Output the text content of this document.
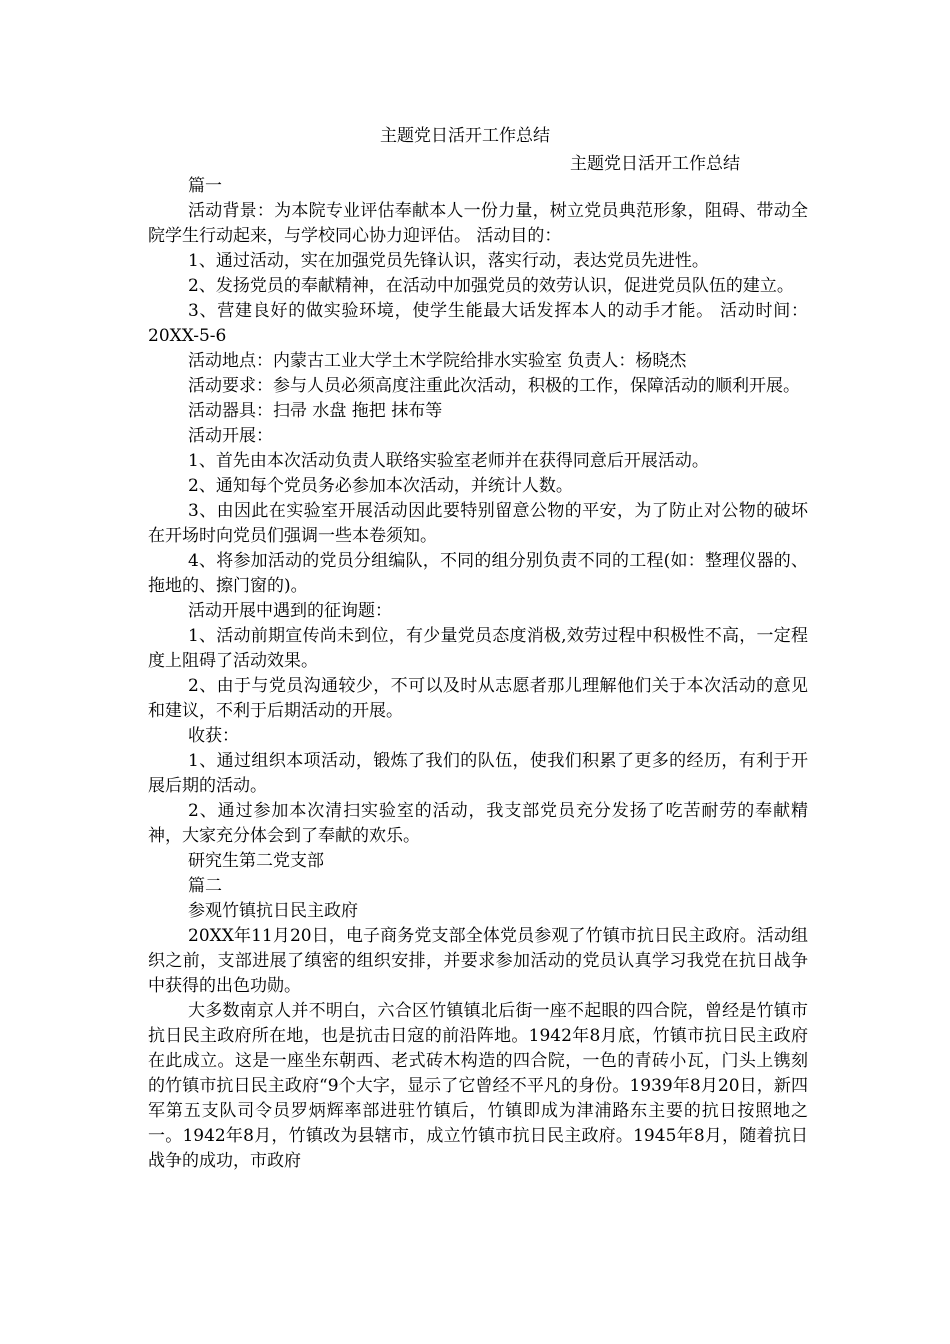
主题党日活开工作总结
主题党日活开工作总结

篇一

活动背景：为本院专业评估奉献本人一份力量，树立党员典范形象，阻碍、带动全院学生行动起来，与学校同心协力迎评估。 活动目的：

1、通过活动，实在加强党员先锋认识，落实行动，表达党员先进性。

2、发扬党员的奉献精神，在活动中加强党员的效劳认识，促进党员队伍的建立。

3、营建良好的做实验环境，使学生能最大话发挥本人的动手才能。 活动时间：20XX-5-6

活动地点：内蒙古工业大学土木学院给排水实验室 负责人：杨晓杰

活动要求：参与人员必须高度注重此次活动，积极的工作，保障活动的顺利开展。

活动器具：扫帚 水盘 拖把 抹布等

活动开展：

1、首先由本次活动负责人联络实验室老师并在获得同意后开展活动。

2、通知每个党员务必参加本次活动，并统计人数。

3、由因此在实验室开展活动因此要特别留意公物的平安，为了防止对公物的破坏在开场时向党员们强调一些本卷须知。

4、将参加活动的党员分组编队，不同的组分别负责不同的工程(如：整理仪器的、拖地的、擦门窗的)。

活动开展中遇到的征询题：

1、活动前期宣传尚未到位，有少量党员态度消极,效劳过程中积极性不高，一定程度上阻碍了活动效果。

2、由于与党员沟通较少，不可以及时从志愿者那儿理解他们关于本次活动的意见和建议，不利于后期活动的开展。

收获：

1、通过组织本项活动，锻炼了我们的队伍，使我们积累了更多的经历，有利于开展后期的活动。

2、通过参加本次清扫实验室的活动，我支部党员充分发扬了吃苦耐劳的奉献精神，大家充分体会到了奉献的欢乐。

研究生第二党支部

篇二

参观竹镇抗日民主政府

20XX年11月20日，电子商务党支部全体党员参观了竹镇市抗日民主政府。活动组织之前，支部进展了缜密的组织安排，并要求参加活动的党员认真学习我党在抗日战争中获得的出色功勋。

大多数南京人并不明白，六合区竹镇镇北后街一座不起眼的四合院，曾经是竹镇市抗日民主政府所在地，也是抗击日寇的前沿阵地。1942年8月底，竹镇市抗日民主政府在此成立。这是一座坐东朝西、老式砖木构造的四合院，一色的青砖小瓦，门头上镌刻的竹镇市抗日民主政府“9个大字，显示了它曾经不平凡的身份。1939年8月20日，新四军第五支队司令员罗炳辉率部进驻竹镇后，竹镇即成为津浦路东主要的抗日按照地之一。1942年8月，竹镇改为县辖市，成立竹镇市抗日民主政府。1945年8月，随着抗日战争的成功，市政府
